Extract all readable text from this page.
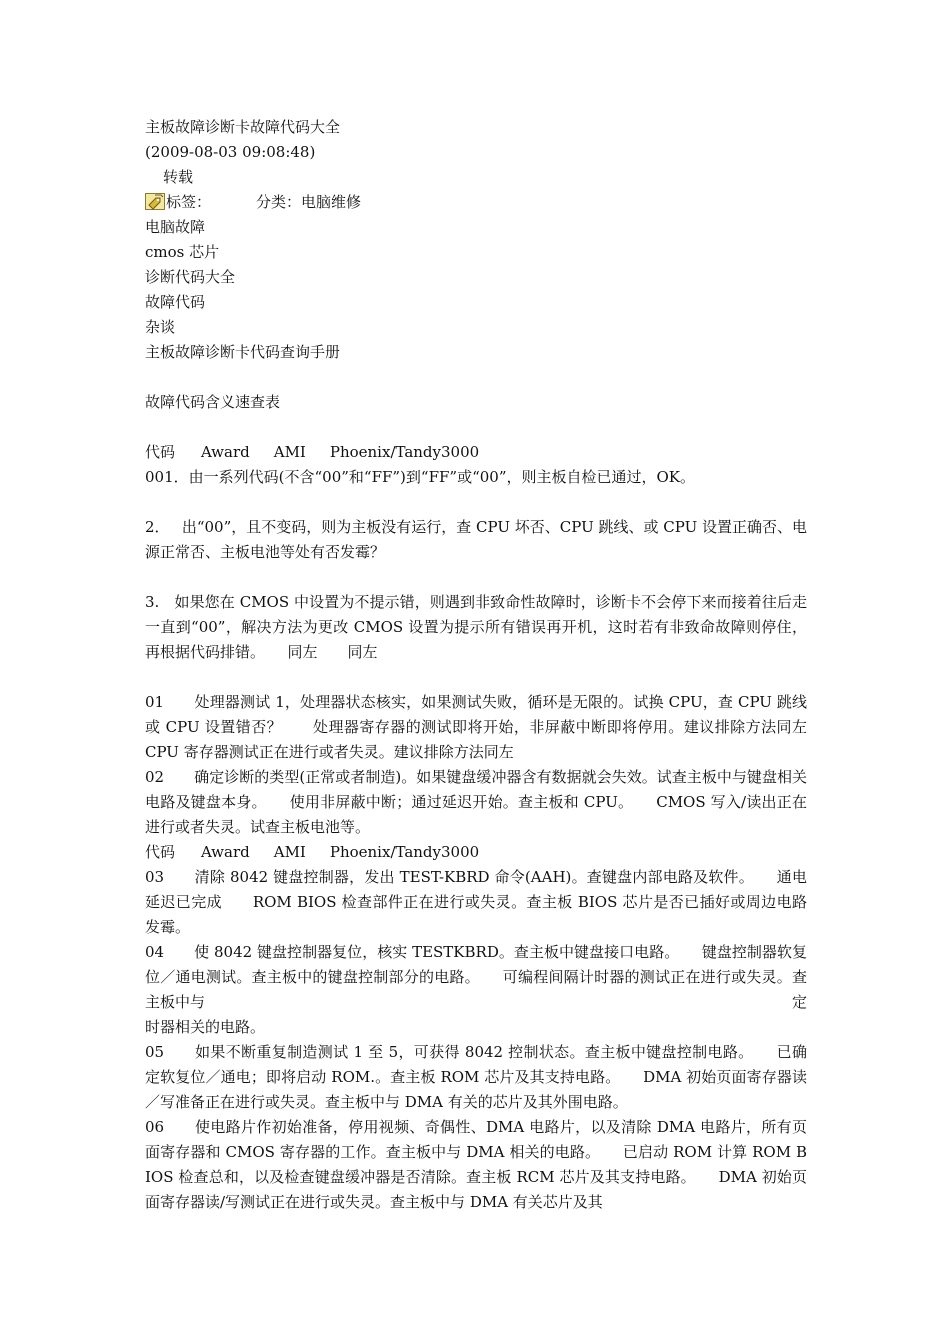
主板故障诊断卡故障代码大全
(2009-08-03 09:08:48)
转载
标签：	分类：电脑维修
电脑故障
cmos 芯片
诊断代码大全
故障代码
杂谈
主板故障诊断卡代码查询手册
故障代码含义速查表
代码 Award AMI Phoenix/Tandy3000
001．由一系列代码(不含“00”和“FF”)到“FF”或“00”，则主板自检已通过，OK。
2．　 出“00”，且不变码，则为主板没有运行，查 CPU 坏否、CPU 跳线、或 CPU 设置正确否、电源正常否、主板电池等处有否发霉？
3.　如果您在 CMOS 中设置为不提示错，则遇到非致命性故障时，诊断卡不会停下来而接着往后走一直到“00”，解决方法为更改 CMOS 设置为提示所有错误再开机，这时若有非致命故障则停住，再根据代码排错。　　同左　　同左
01　　处理器测试 1，处理器状态核实，如果测试失败，循环是无限的。试换 CPU，查 CPU 跳线或 CPU 设置错否？　　处理器寄存器的测试即将开始，非屏蔽中断即将停用。建议排除方法同左　　CPU 寄存器测试正在进行或者失灵。建议排除方法同左
02　　确定诊断的类型(正常或者制造)。如果键盘缓冲器含有数据就会失效。试查主板中与键盘相关电路及键盘本身。　　使用非屏蔽中断；通过延迟开始。查主板和 CPU。　　CMOS 写入/读出正在进行或者失灵。试查主板电池等。
代码 Award AMI Phoenix/Tandy3000
03　　清除 8042 键盘控制器，发出 TEST-KBRD 命令(AAH)。查键盘内部电路及软件。　　通电延迟已完成　　ROM BIOS 检查部件正在进行或失灵。查主板 BIOS 芯片是否已插好或周边电路发霉。
04　　使 8042 键盘控制器复位，核实 TESTKBRD。查主板中键盘接口电路。　　键盘控制器软复位／通电测试。查主板中的键盘控制部分的电路。　　可编程间隔计时器的测试正在进行或失灵。查主板中与	定
时器相关的电路。
05　　如果不断重复制造测试 1 至 5，可获得 8042 控制状态。查主板中键盘控制电路。　　已确定软复位／通电；即将启动 ROM.。查主板 ROM 芯片及其支持电路。　　DMA 初始页面寄存器读／写准备正在进行或失灵。查主板中与 DMA 有关的芯片及其外围电路。
06　　使电路片作初始准备，停用视频、奇偶性、DMA 电路片，以及清除 DMA 电路片，所有页面寄存器和 CMOS 寄存器的工作。查主板中与 DMA 相关的电路。　　已启动 ROM 计算 ROM BIOS 检查总和，以及检查键盘缓冲器是否清除。查主板 RCM 芯片及其支持电路。　　DMA 初始页面寄存器读/写测试正在进行或失灵。查主板中与 DMA 有关芯片及其
